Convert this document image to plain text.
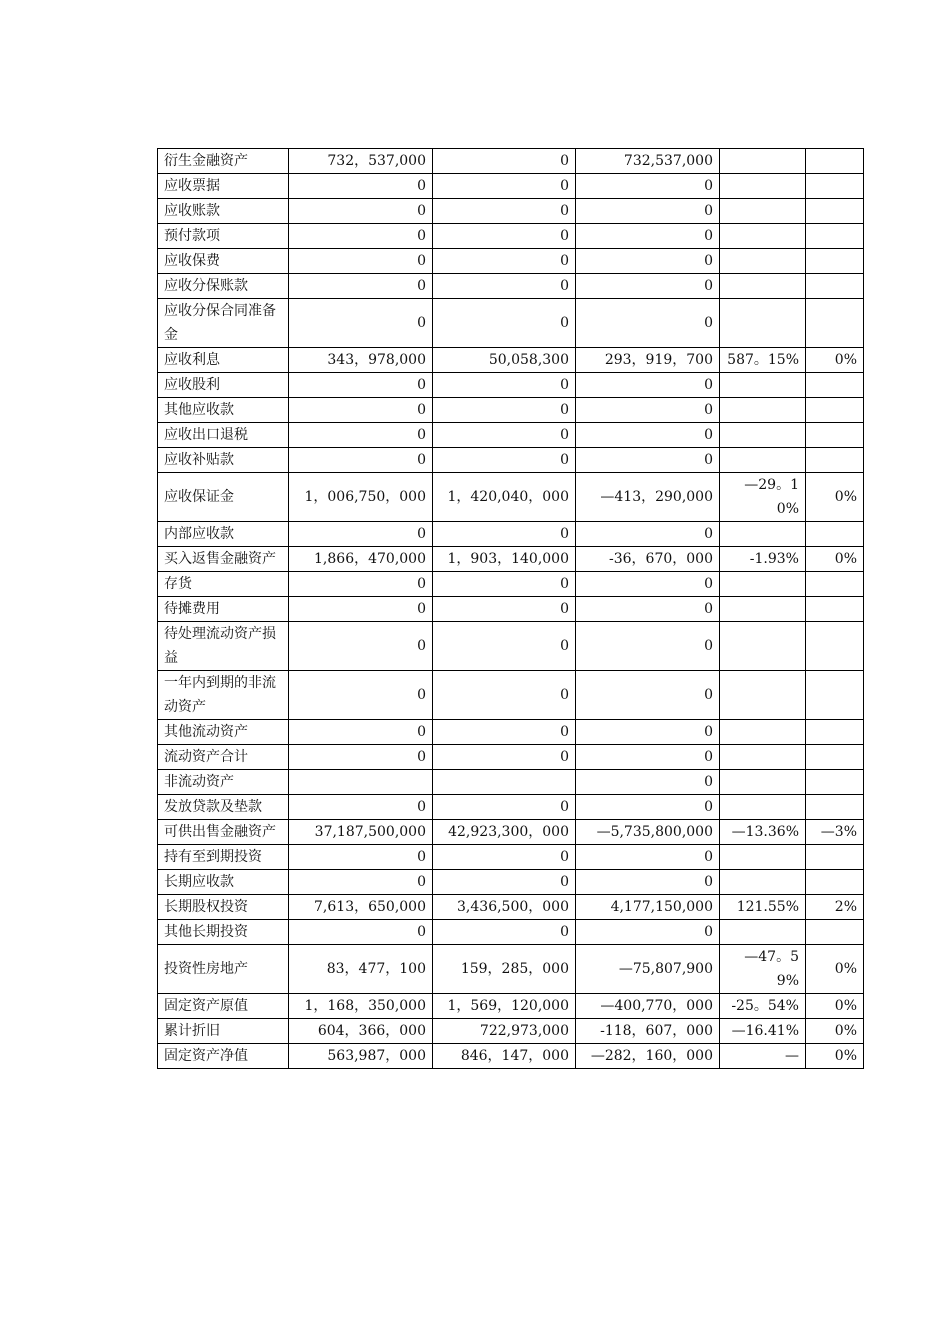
衍生金融资产	732，537,000	0	732,537,000		
应收票据	0	0	0		
应收账款	0	0	0		
预付款项	0	0	0		
应收保费	0	0	0		
应收分保账款	0	0	0		
应收分保合同准备金	0	0	0		
应收利息	343，978,000	50,058,300	293，919，700	587。15%	0%
应收股利	0	0	0		
其他应收款	0	0	0		
应收出口退税	0	0	0		
应收补贴款	0	0	0		
应收保证金	1，006,750，000	1，420,040，000	—413，290,000	—29。10%	0%
内部应收款	0	0	0		
买入返售金融资产	1,866，470,000	1，903，140,000	-36，670，000	-1.93%	0%
存货	0	0	0		
待摊费用	0	0	0		
待处理流动资产损益	0	0	0		
一年内到期的非流动资产	0	0	0		
其他流动资产	0	0	0		
流动资产合计	0	0	0		
非流动资产			0		
发放贷款及垫款	0	0	0		
可供出售金融资产	37,187,500,000	42,923,300，000	—5,735,800,000	—13.36%	—3%
持有至到期投资	0	0	0		
长期应收款	0	0	0		
长期股权投资	7,613，650,000	3,436,500，000	4,177,150,000	121.55%	2%
其他长期投资	0	0	0		
投资性房地产	83，477，100	159，285，000	—75,807,900	—47。59%	0%
固定资产原值	1，168，350,000	1，569，120,000	—400,770，000	-25。54%	0%
累计折旧	604，366，000	722,973,000	-118，607，000	—16.41%	0%
固定资产净值	563,987，000	846，147，000	—282，160，000	—	0%
